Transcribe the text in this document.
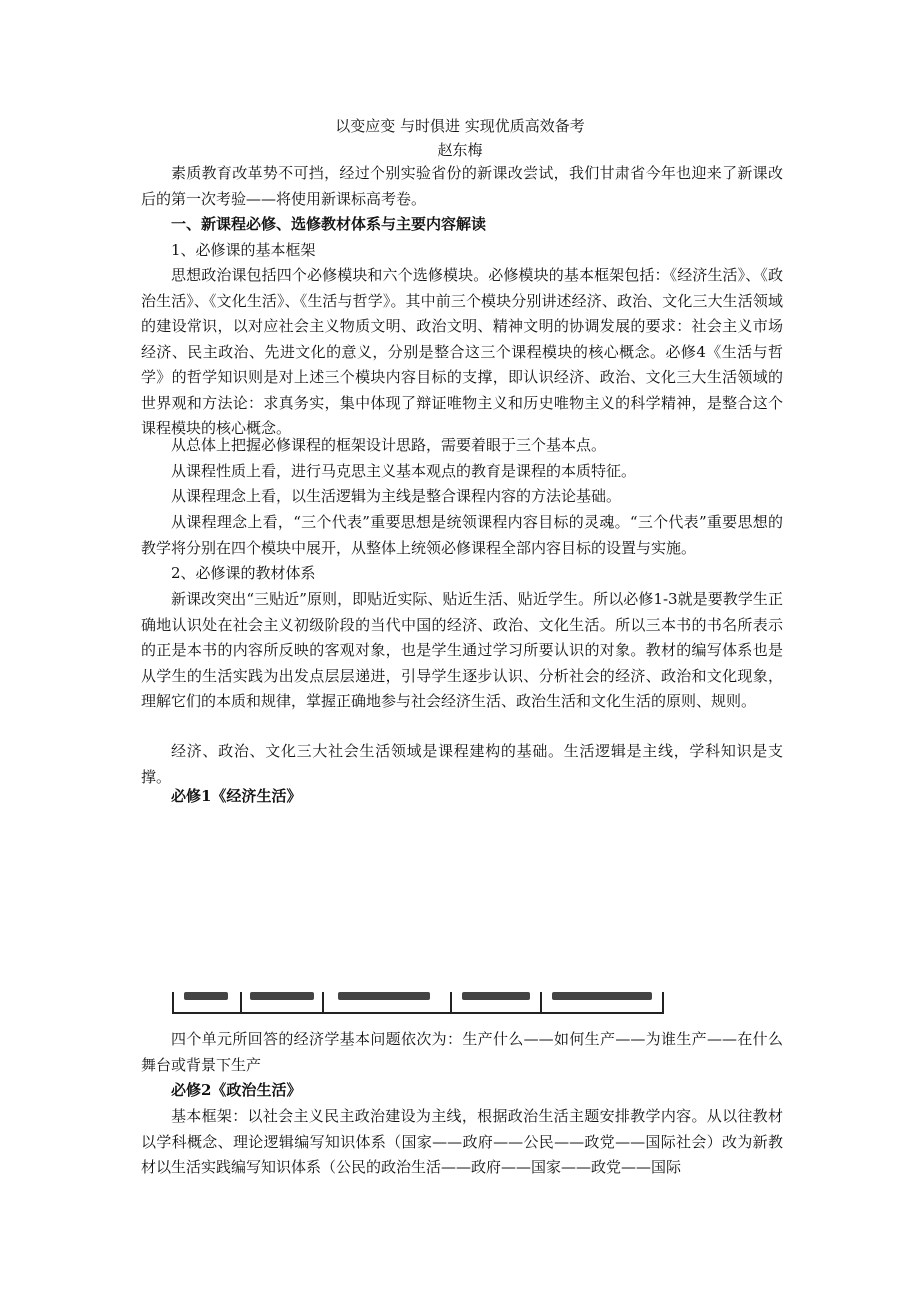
以变应变 与时俱进 实现优质高效备考
赵东梅

素质教育改革势不可挡，经过个别实验省份的新课改尝试，我们甘肃省今年也迎来了新课改后的第一次考验——将使用新课标高考卷。

一、新课程必修、选修教材体系与主要内容解读

1、必修课的基本框架

思想政治课包括四个必修模块和六个选修模块。必修模块的基本框架包括：《经济生活》、《政治生活》、《文化生活》、《生活与哲学》。其中前三个模块分别讲述经济、政治、文化三大生活领域的建设常识，以对应社会主义物质文明、政治文明、精神文明的协调发展的要求：社会主义市场经济、民主政治、先进文化的意义，分别是整合这三个课程模块的核心概念。必修4《生活与哲学》的哲学知识则是对上述三个模块内容目标的支撑，即认识经济、政治、文化三大生活领域的世界观和方法论：求真务实，集中体现了辩证唯物主义和历史唯物主义的科学精神，是整合这个课程模块的核心概念。

从总体上把握必修课程的框架设计思路，需要着眼于三个基本点。

从课程性质上看，进行马克思主义基本观点的教育是课程的本质特征。

从课程理念上看，以生活逻辑为主线是整合课程内容的方法论基础。

从课程理念上看，“三个代表”重要思想是统领课程内容目标的灵魂。“三个代表”重要思想的教学将分别在四个模块中展开，从整体上统领必修课程全部内容目标的设置与实施。

2、必修课的教材体系

新课改突出“三贴近”原则，即贴近实际、贴近生活、贴近学生。所以必修1-3就是要教学生正确地认识处在社会主义初级阶段的当代中国的经济、政治、文化生活。所以三本书的书名所表示的正是本书的内容所反映的客观对象，也是学生通过学习所要认识的对象。教材的编写体系也是从学生的生活实践为出发点层层递进，引导学生逐步认识、分析社会的经济、政治和文化现象，理解它们的本质和规律，掌握正确地参与社会经济生活、政治生活和文化生活的原则、规则。

经济、政治、文化三大社会生活领域是课程建构的基础。生活逻辑是主线，学科知识是支撑。

必修1《经济生活》

四个单元所回答的经济学基本问题依次为：生产什么——如何生产——为谁生产——在什么舞台或背景下生产

必修2《政治生活》

基本框架：以社会主义民主政治建设为主线，根据政治生活主题安排教学内容。从以往教材以学科概念、理论逻辑编写知识体系（国家——政府——公民——政党——国际社会）改为新教材以生活实践编写知识体系（公民的政治生活——政府——国家——政党——国际
